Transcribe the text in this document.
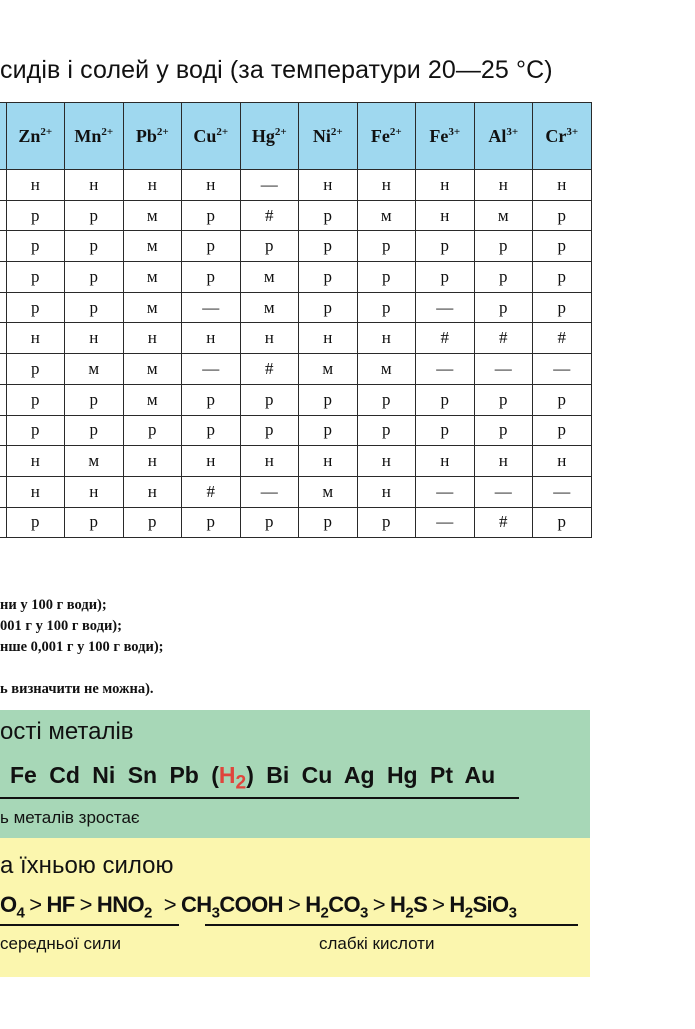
сидів і солей у воді (за температури 20—25 °С)
	$Zn^{2+}$	$Mn^{2+}$	$Pb^{2+}$	$Cu^{2+}$	$Hg^{2+}$	$Ni^{2+}$	$Fe^{2+}$	$Fe^{3+}$	$Al^{3+}$	$Cr^{3+}$
	н	н	н	н	—	н	н	н	н	н
	р	р	м	р	#	р	м	н	м	р
	р	р	м	р	р	р	р	р	р	р
	р	р	м	р	м	р	р	р	р	р
	р	р	м	—	м	р	р	—	р	р
	н	н	н	н	н	н	н	#	#	#
	р	м	м	—	#	м	м	—	—	—
	р	р	м	р	р	р	р	р	р	р
	р	р	р	р	р	р	р	р	р	р
	н	м	н	н	н	н	н	н	н	н
	н	н	н	#	—	м	н	—	—	—
	р	р	р	р	р	р	р	—	#	р
ни у 100 г води);
001 г у 100 г води);
нше 0,001 г у 100 г води);
ь визначити не можна).
ості металів
Fe Cd Ni Sn Pb $(H_2)$ Bi Cu Ag Hg Pt Au
ь металів зростає
а їхньою силою
$O_4$ > HF > $HNO_2$ > $CH_3COOH > H_2CO_3 > H_2S > H_2SiO_3$
середньої сили	слабкі кислоти
